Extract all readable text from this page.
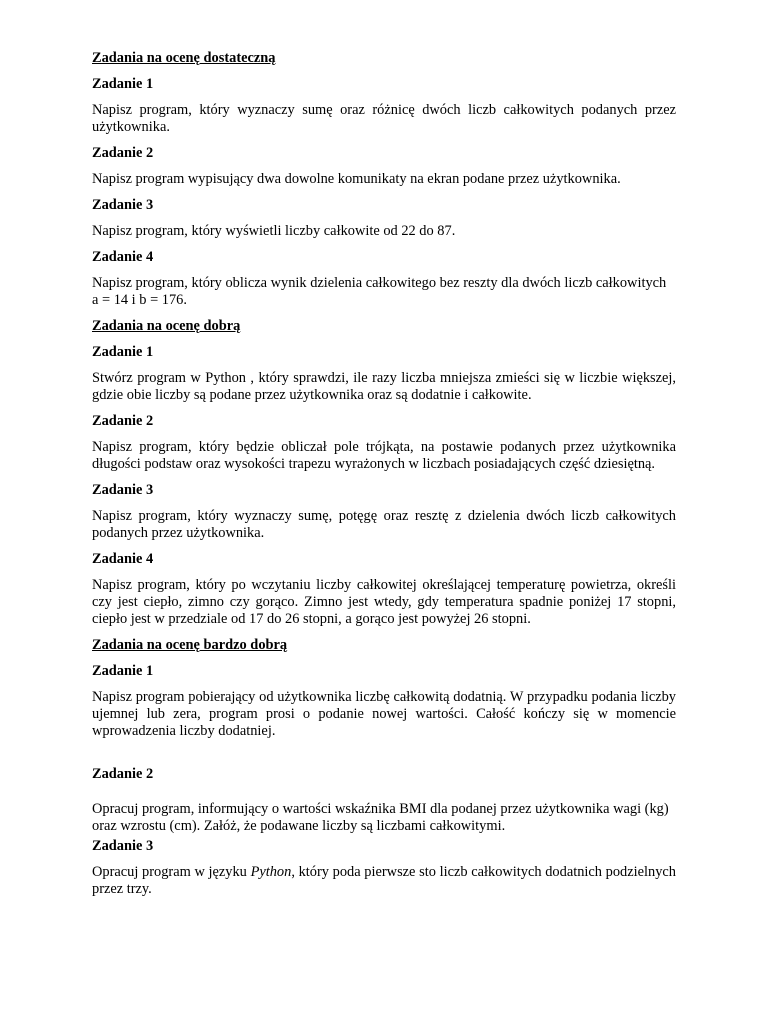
Zadania na ocenę dostateczną
Zadanie 1
Napisz program, który wyznaczy sumę oraz różnicę dwóch liczb całkowitych podanych przez użytkownika.
Zadanie 2
Napisz program wypisujący dwa dowolne komunikaty na ekran podane przez użytkownika.
Zadanie 3
Napisz program, który wyświetli liczby całkowite od 22 do 87.
Zadanie 4
Napisz program, który oblicza wynik dzielenia całkowitego bez reszty dla dwóch liczb całkowitych
a = 14 i b = 176.
Zadania na ocenę dobrą
Zadanie 1
Stwórz program w Python , który sprawdzi, ile razy liczba mniejsza zmieści się w liczbie większej, gdzie obie liczby są podane przez użytkownika oraz są dodatnie i całkowite.
Zadanie 2
Napisz program, który będzie obliczał pole trójkąta, na postawie podanych przez użytkownika długości podstaw oraz wysokości trapezu wyrażonych w liczbach posiadających część dziesiętną.
Zadanie 3
Napisz program, który wyznaczy sumę, potęgę oraz resztę z dzielenia dwóch liczb całkowitych podanych przez użytkownika.
Zadanie 4
Napisz program, który po wczytaniu liczby całkowitej określającej temperaturę powietrza, określi czy jest ciepło, zimno czy gorąco. Zimno jest wtedy, gdy temperatura spadnie poniżej 17 stopni, ciepło jest w przedziale od 17 do 26 stopni, a gorąco jest powyżej 26 stopni.
Zadania na ocenę bardzo dobrą
Zadanie 1
Napisz program pobierający od użytkownika liczbę całkowitą dodatnią. W przypadku podania liczby ujemnej lub zera, program prosi o podanie nowej wartości. Całość kończy się w momencie wprowadzenia liczby dodatniej.
Zadanie 2
Opracuj program, informujący o wartości wskaźnika BMI dla podanej przez użytkownika wagi (kg) oraz wzrostu (cm). Załóż, że podawane liczby są liczbami całkowitymi.
Zadanie 3
Opracuj program w języku Python, który poda pierwsze sto liczb całkowitych dodatnich podzielnych przez trzy.
